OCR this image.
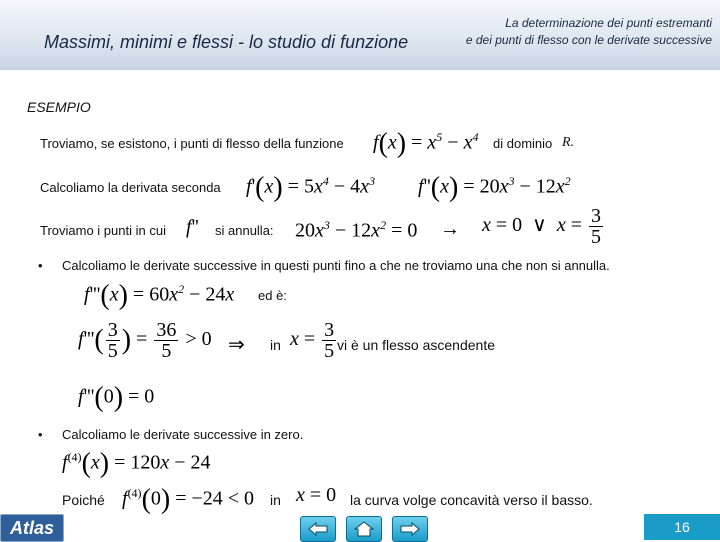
Massimi, minimi e flessi - lo studio di funzione
La determinazione dei punti estremanti
e dei punti di flesso con le derivate successive
ESEMPIO
Troviamo, se esistono, i punti di flesso della funzione $f(x) = x^5 - x^4$ di dominio R.
Calcoliamo la derivata seconda $f'(x) = 5x^4 - 4x^3$ $f''(x) = 20x^3 - 12x^2$
Troviamo i punti in cui f'' si annulla: $20x^3 - 12x^2 = 0 \to x = 0$  ∨  $x = \frac{3}{5}$
• Calcoliamo le derivate successive in questi punti fino a che ne troviamo una che non si annulla.
$f'''(x) = 60x^2 - 24x$ ed è:
$f'''( \frac{3}{5}$ ) = $\frac{36}{5} > 0$ ⇒ in $x = \frac{3}{5}$ vi è un flesso ascendente
f'''(0) = 0
• Calcoliamo le derivate successive in zero.
$f^{(4)}(x) = 120x - 24$
Poiché $f^{(4)}(0) = -24 < 0$ in x = 0 la curva volge concavità verso il basso.
Atlas	16
